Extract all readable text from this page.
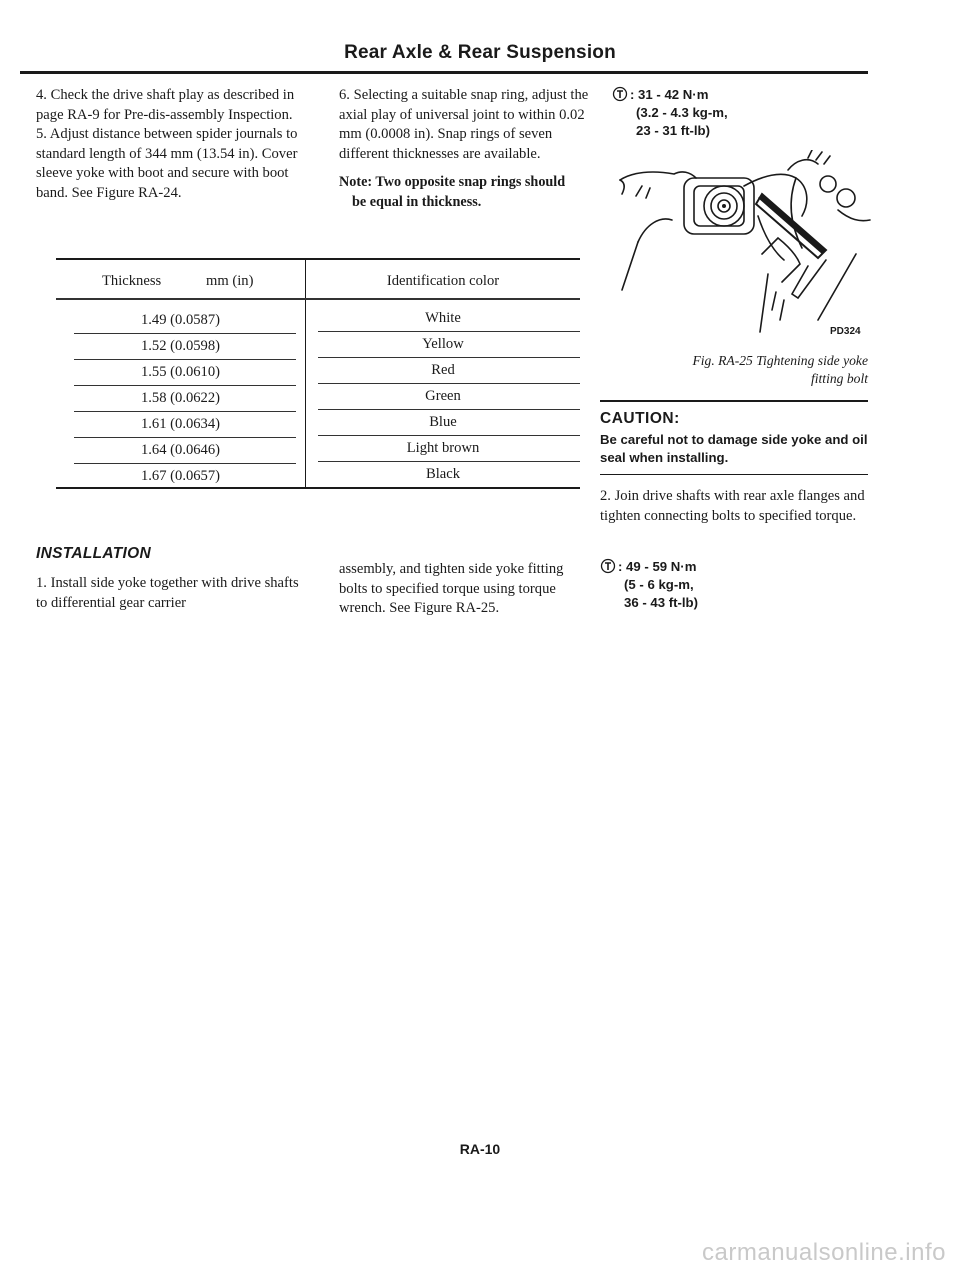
Rear Axle & Rear Suspension

4. Check the drive shaft play as described in page RA-9 for Pre-dis-assembly Inspection.

5. Adjust distance between spider journals to standard length of 344 mm (13.54 in). Cover sleeve yoke with boot and secure with boot band. See Figure RA-24.

6. Selecting a suitable snap ring, adjust the axial play of universal joint to within 0.02 mm (0.0008 in). Snap rings of seven different thicknesses are available.

Note: Two opposite snap rings should
be equal in thickness.
Thickness	mm (in)	Identification color
1.49 (0.0587)	White
1.52 (0.0598)	Yellow
1.55 (0.0610)	Red
1.58 (0.0622)	Green
1.61 (0.0634)	Blue
1.64 (0.0646)	Light brown
1.67 (0.0657)	Black
INSTALLATION
1. Install side yoke together with drive shafts to differential gear carrier
assembly, and tighten side yoke fitting bolts to specified torque using torque wrench. See Figure RA-25.
: 31 - 42 N·m
(3.2 - 4.3 kg-m,
23 - 31 ft-lb)
PD324
Fig. RA-25 Tightening side yoke
fitting bolt
CAUTION:
Be careful not to damage side yoke and oil seal when installing.
2. Join drive shafts with rear axle flanges and tighten connecting bolts to specified torque.
: 49 - 59 N·m
(5 - 6 kg-m,
36 - 43 ft-lb)
RA-10
carmanualsonline.info
